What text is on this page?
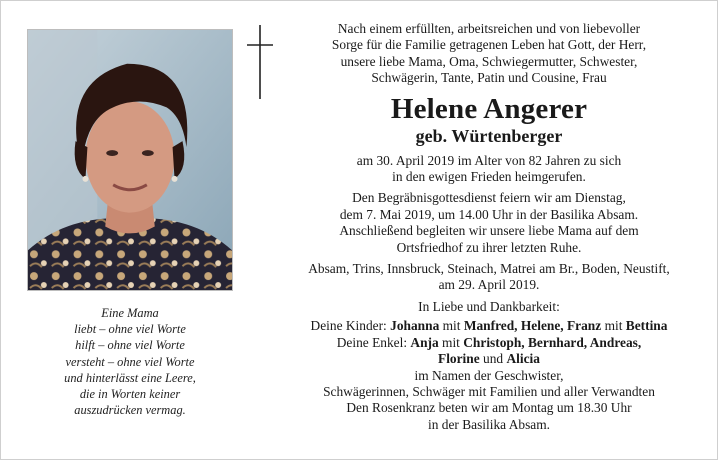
Eine Mama
liebt – ohne viel Worte
hilft – ohne viel Worte
versteht – ohne viel Worte
und hinterlässt eine Leere,
die in Worten keiner
auszudrücken vermag.
Nach einem erfüllten, arbeitsreichen und von liebevoller
Sorge für die Familie getragenen Leben hat Gott, der Herr,
unsere liebe Mama, Oma, Schwiegermutter, Schwester,
Schwägerin, Tante, Patin und Cousine, Frau
Helene Angerer
geb. Würtenberger
am 30. April 2019 im Alter von 82 Jahren zu sich
in den ewigen Frieden heimgerufen.
Den Begräbnisgottesdienst feiern wir am Dienstag,
dem 7. Mai 2019, um 14.00 Uhr in der Basilika Absam.
Anschließend begleiten wir unsere liebe Mama auf dem
Ortsfriedhof zu ihrer letzten Ruhe.
Absam, Trins, Innsbruck, Steinach, Matrei am Br., Boden, Neustift,
am 29. April 2019.
In Liebe und Dankbarkeit:
Deine Kinder: Johanna mit Manfred, Helene, Franz mit Bettina
Deine Enkel: Anja mit Christoph, Bernhard, Andreas,
Florine und Alicia
im Namen der Geschwister,
Schwägerinnen, Schwäger mit Familien und aller Verwandten
Den Rosenkranz beten wir am Montag um 18.30 Uhr
in der Basilika Absam.
